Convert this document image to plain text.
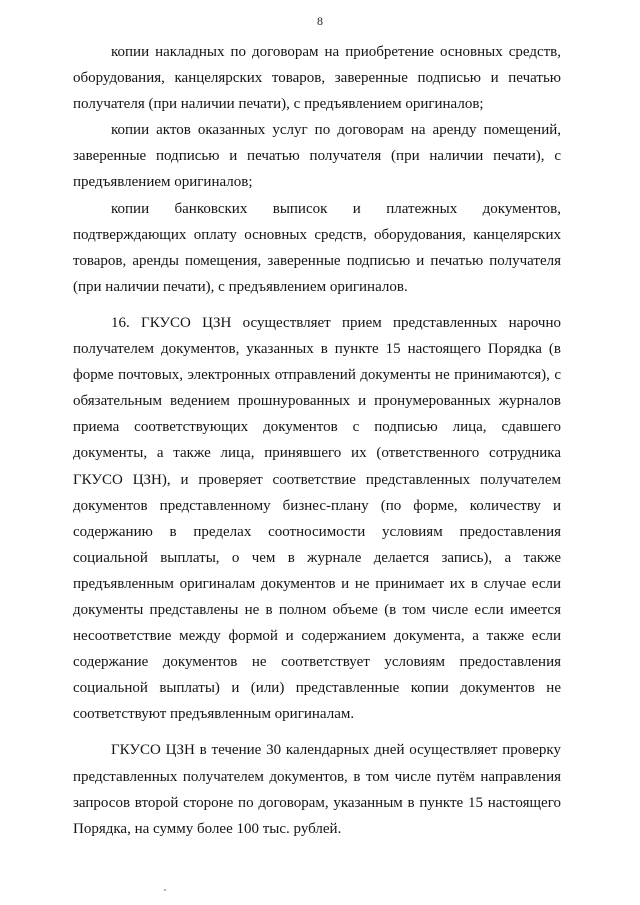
8

копии накладных по договорам на приобретение основных средств, оборудования, канцелярских товаров, заверенные подписью и печатью получателя (при наличии печати), с предъявлением оригиналов;

копии актов оказанных услуг по договорам на аренду помещений, заверенные подписью и печатью получателя (при наличии печати), с предъявлением оригиналов;

копии банковских выписок и платежных документов, подтверждающих оплату основных средств, оборудования, канцелярских товаров, аренды помещения, заверенные подписью и печатью получателя (при наличии печати), с предъявлением оригиналов.

16. ГКУСО ЦЗН осуществляет прием представленных нарочно получателем документов, указанных в пункте 15 настоящего Порядка (в форме почтовых, электронных отправлений документы не принимаются), с обязательным ведением прошнурованных и пронумерованных журналов приема соответствующих документов с подписью лица, сдавшего документы, а также лица, принявшего их (ответственного сотрудника ГКУСО ЦЗН), и проверяет соответствие представленных получателем документов представленному бизнес-плану (по форме, количеству и содержанию в пределах соотносимости условиям предоставления социальной выплаты, о чем в журнале делается запись), а также предъявленным оригиналам документов и не принимает их в случае если документы представлены не в полном объеме (в том числе если имеется несоответствие между формой и содержанием документа, а также если содержание документов не соответствует условиям предоставления социальной выплаты) и (или) представленные копии документов не соответствуют предъявленным оригиналам.

ГКУСО ЦЗН в течение 30 календарных дней осуществляет проверку представленных получателем документов, в том числе путём направления запросов второй стороне по договорам, указанным в пункте 15 настоящего Порядка, на сумму более 100 тыс. рублей.
